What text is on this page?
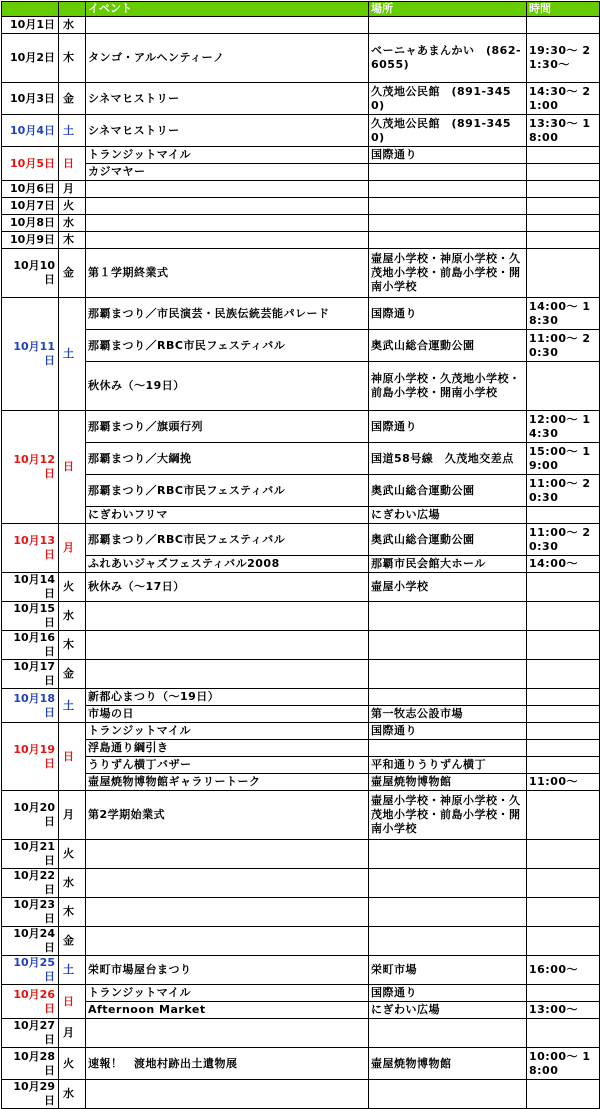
		イベント	場所	時間
10月1日	水			
10月2日	木	タンゴ・アルヘンティーノ	ベーニャあまんかい　(862-6055)	19:30～ 21:30～
10月3日	金	シネマヒストリー	久茂地公民館　(891-3450)	14:30～ 21:00
10月4日	土	シネマヒストリー	久茂地公民館　(891-3450)	13:30～ 18:00
10月5日	日	トランジットマイル	国際通り	
		カジマヤー		
10月6日	月			
10月7日	火			
10月8日	水			
10月9日	木			
10月10日	金	第１学期終業式	壷屋小学校・神原小学校・久茂地小学校・前島小学校・開南小学校	
10月11日	土	那覇まつり／市民演芸・民族伝統芸能パレード	国際通り	14:00～ 18:30
		那覇まつり／RBC市民フェスティバル	奥武山総合運動公園	11:00～ 20:30
		秋休み（～19日）	神原小学校・久茂地小学校・前島小学校・開南小学校	
10月12日	日	那覇まつり／旗頭行列	国際通り	12:00～ 14:30
		那覇まつり／大綱挽	国道58号線　久茂地交差点	15:00～ 19:00
		那覇まつり／RBC市民フェスティバル	奥武山総合運動公園	11:00～ 20:30
		にぎわいフリマ	にぎわい広場	
10月13日	月	那覇まつり／RBC市民フェスティバル	奥武山総合運動公園	11:00～ 20:30
		ふれあいジャズフェスティバル2008	那覇市民会館大ホール	14:00～
10月14日	火	秋休み（～17日）	壷屋小学校	
10月15日	水			
10月16日	木			
10月17日	金			
10月18日	土	新都心まつり（～19日）		
		市場の日	第一牧志公設市場	
10月19日	日	トランジットマイル	国際通り	
		浮島通り綱引き		
		うりずん横丁バザー	平和通りうりずん横丁	
		壷屋焼物博物館ギャラリートーク	壷屋焼物博物館	11:00～
10月20日	月	第2学期始業式	壷屋小学校・神原小学校・久茂地小学校・前島小学校・開南小学校	
10月21日	火			
10月22日	水			
10月23日	木			
10月24日	金			
10月25日	土	栄町市場屋台まつり	栄町市場	16:00～
10月26日	日	トランジットマイル	国際通り	
		Afternoon Market	にぎわい広場	13:00～
10月27日	月			
10月28日	火	速報！　渡地村跡出土遺物展	壷屋焼物博物館	10:00～ 18:00
10月29日	水			
